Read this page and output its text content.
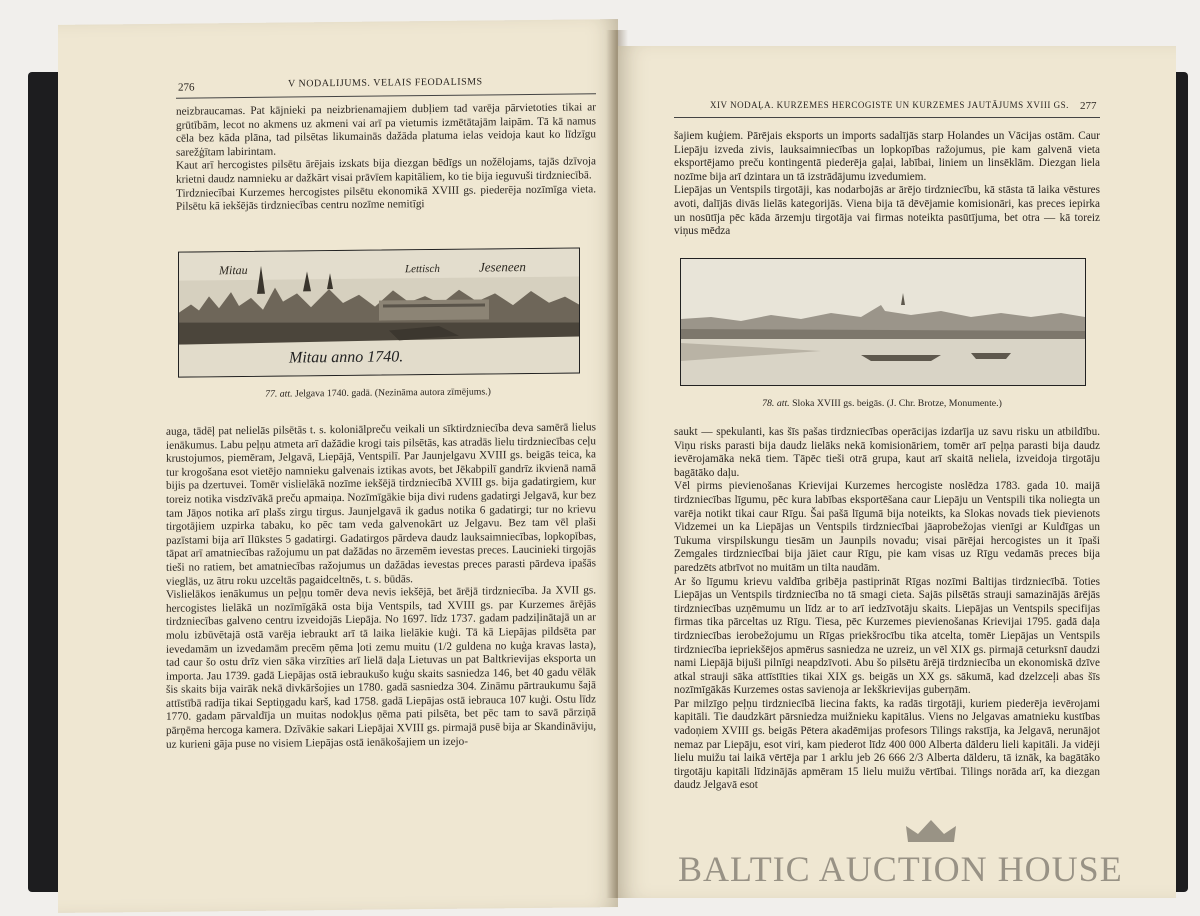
276	V NODALIJUMS. VELAIS FEODALISMS
neizbraucamas. Pat kājnieki pa neizbrienamajiem dubļiem tad varēja pārvietoties tikai ar grūtībām, lecot no akmens uz akmeni vai arī pa vietumis izmētātajām laipām. Tā kā namus cēla bez kāda plāna, tad pilsētas likumainās dažāda platuma ielas veidoja kaut ko līdzīgu sarežģītam labirintam.
Kaut arī hercogistes pilsētu ārējais izskats bija diezgan bēdīgs un nožēlojams, tajās dzīvoja krietni daudz namnieku ar dažkārt visai prāvīem kapitāliem, ko tie bija ieguvuši tirdzniecībā.
Tirdzniecībai Kurzemes hercogistes pilsētu ekonomikā XVIII gs. piederēja nozīmīga vieta. Pilsētu kā iekšējās tirdzniecības centru nozīme nemitīgi
Mitau	Lettisch	Jeseneen
Mitau anno 1740.
77. att. Jelgava 1740. gadā. (Nezināma autora zīmējums.)
auga, tādēļ pat nelielās pilsētās t. s. koloniālpreču veikali un sīktirdzniecība deva samērā lielus ienākumus. Labu peļņu atmeta arī dažādie krogi tais pilsētās, kas atradās lielu tirdzniecības ceļu krustojumos, piemēram, Jelgavā, Liepājā, Ventspilī. Par Jaunjelgavu XVIII gs. beigās teica, ka tur krogošana esot vietējo namnieku galvenais iztikas avots, bet Jēkabpilī gandrīz ikvienā namā bijis pa dzertuvei. Tomēr vislielākā nozīme iekšējā tirdzniecībā XVIII gs. bija gadatirgiem, kur toreiz notika visdzīvākā preču apmaiņa. Nozīmīgākie bija divi rudens gadatirgi Jelgavā, kur bez tam Jāņos notika arī plašs zirgu tirgus. Jaunjelgavā ik gadus notika 6 gadatirgi; tur no krievu tirgotājiem uzpirka tabaku, ko pēc tam veda galvenokārt uz Jelgavu. Bez tam vēl plaši pazīstami bija arī Ilūkstes 5 gadatirgi. Gadatirgos pārdeva daudz lauksaimniecības, lopkopības, tāpat arī amatniecības ražojumu un pat dažādas no ārzemēm ievestas preces. Laucinieki tirgojās tieši no ratiem, bet amatniecības ražojumus un dažādas ievestas preces parasti pārdeva ipašās viegläs, uz ātru roku uzceltās pagaidceltnēs, t. s. būdās.
Vislielākos ienākumus un peļņu tomēr deva nevis iekšējā, bet ārējā tirdzniecība. Ja XVII gs. hercogistes lielākā un nozīmīgākā osta bija Ventspils, tad XVIII gs. par Kurzemes ārējās tirdzniecības galveno centru izveidojās Liepāja. No 1697. līdz 1737. gadam padziļinātajā un ar molu izbūvētajā ostā varēja iebraukt arī tā laika lielākie kuģi. Tā kā Liepājas pildsēta par ievedamām un izvedamām precēm ņēma ļoti zemu muitu (1/2 guldena no kuģa kravas lasta), tad caur šo ostu drīz vien sāka virzīties arī lielā daļa Lietuvas un pat Baltkrievijas eksporta un importa. Jau 1739. gadā Liepājas ostā iebraukušo kuģu skaits sasniedza 146, bet 40 gadu vēlāk šis skaits bija vairāk nekā divkāršojies un 1780. gadā sasniedza 304. Zināmu pārtraukumu šajā attīstībā radīja tikai Septiņgadu karš, kad 1758. gadā Liepājas ostā iebrauca 107 kuģi. Ostu līdz 1770. gadam pārvaldīja un muitas nodokļus ņēma pati pilsēta, bet pēc tam to savā pārziņā pārņēma hercoga kamera. Dzīvākie sakari Liepājai XVIII gs. pirmajā pusē bija ar Skandināviju, uz kurieni gāja puse no visiem Liepājas ostā ienākošajiem un izejo-
XIV NODAĻA. KURZEMES HERCOGISTE UN KURZEMES JAUTĀJUMS XVIII GS. 277
šajiem kuģiem. Pārējais eksports un imports sadalījās starp Holandes un Vācijas ostām. Caur Liepāju izveda zivis, lauksaimniecības un lopkopības ražojumus, pie kam galvenā vieta eksportējamo preču kontingentā piederēja gaļai, labībai, liniem un linsēklām. Diezgan liela nozīme bija arī dzintara un tā izstrādājumu izvedumiem.
Liepājas un Ventspils tirgotāji, kas nodarbojās ar ārējo tirdzniecību, kā stāsta tā laika vēstures avoti, dalījās divās lielās kategorijās. Viena bija tā dēvējamie komisionāri, kas preces iepirka un nosūtīja pēc kāda ārzemju tirgotāja vai firmas noteikta pasūtījuma, bet otra — kā toreiz viņus mēdza
78. att. Sloka XVIII gs. beigās. (J. Chr. Brotze, Monumente.)
saukt — spekulanti, kas šīs pašas tirdzniecības operācijas izdarīja uz savu risku un atbildību. Viņu risks parasti bija daudz lielāks nekā komisionāriem, tomēr arī peļņa parasti bija daudz ievērojamāka nekā tiem. Tāpēc tieši otrā grupa, kaut arī skaitā neliela, izveidoja tirgotāju bagātāko daļu.
Vēl pirms pievienošanas Krievijai Kurzemes hercogiste noslēdza 1783. gada 10. maijā tirdzniecības līgumu, pēc kura labības eksportēšana caur Liepāju un Ventspili tika noliegta un varēja notikt tikai caur Rīgu. Šai pašā līgumā bija noteikts, ka Slokas novads tiek pievienots Vidzemei un ka Liepājas un Ventspils tirdzniecībai jāaprobežojas vienīgi ar Kuldīgas un Tukuma virspilskungu tiesām un Jaunpils novadu; visai pārējai hercogistes un it īpaši Zemgales tirdzniecībai bija jāiet caur Rīgu, pie kam visas uz Rīgu vedamās preces bija paredzēts atbrīvot no muitām un tilta naudām.
Ar šo līgumu krievu valdība gribēja pastiprināt Rīgas nozīmi Baltijas tirdzniecībā. Toties Liepājas un Ventspils tirdzniecība no tā smagi cieta. Sajās pilsētās strauji samazinājās ārējās tirdzniecības uzņēmumu un līdz ar to arī iedzīvotāju skaits. Liepājas un Ventspils specifijas firmas tika pārceltas uz Rīgu. Tiesa, pēc Kurzemes pievienošanas Krievijai 1795. gadā daļa tirdzniecības ierobežojumu un Rīgas priekšrocību tika atcelta, tomēr Liepājas un Ventspils tirdzniecība iepriekšējos apmērus sasniedza ne uzreiz, un vēl XIX gs. pirmajā ceturksnī daudzi nami Liepājā bijuši pilnīgi neapdzīvoti. Abu šo pilsētu ārējā tirdzniecība un ekonomiskā dzīve atkal strauji sāka attīstīties tikai XIX gs. beigās un XX gs. sākumā, kad dzelzceļi abas šīs nozīmīgākās Kurzemes ostas savienoja ar Iekškrievijas guberņām.
Par milzīgo peļņu tirdzniecībā liecina fakts, ka radās tirgotāji, kuriem piederēja ievērojami kapitāli. Tie daudzkārt pārsniedza muižnieku kapitālus. Viens no Jelgavas amatnieku kustības vadoņiem XVIII gs. beigās Pētera akadēmijas profesors Tilings rakstīja, ka Jelgavā, nerunājot nemaz par Liepāju, esot viri, kam piederot līdz 400 000 Alberta dālderu lieli kapitāli. Ja vidēji lielu muižu tai laikā vērtēja par 1 arklu jeb 26 666 2/3 Alberta dālderu, tā iznāk, ka bagātāko tirgotāju kapitāli līdzinājās apmēram 15 lielu muižu vērtībai. Tilings norāda arī, ka diezgan daudz Jelgavā esot
BALTIC AUCTION HOUSE
